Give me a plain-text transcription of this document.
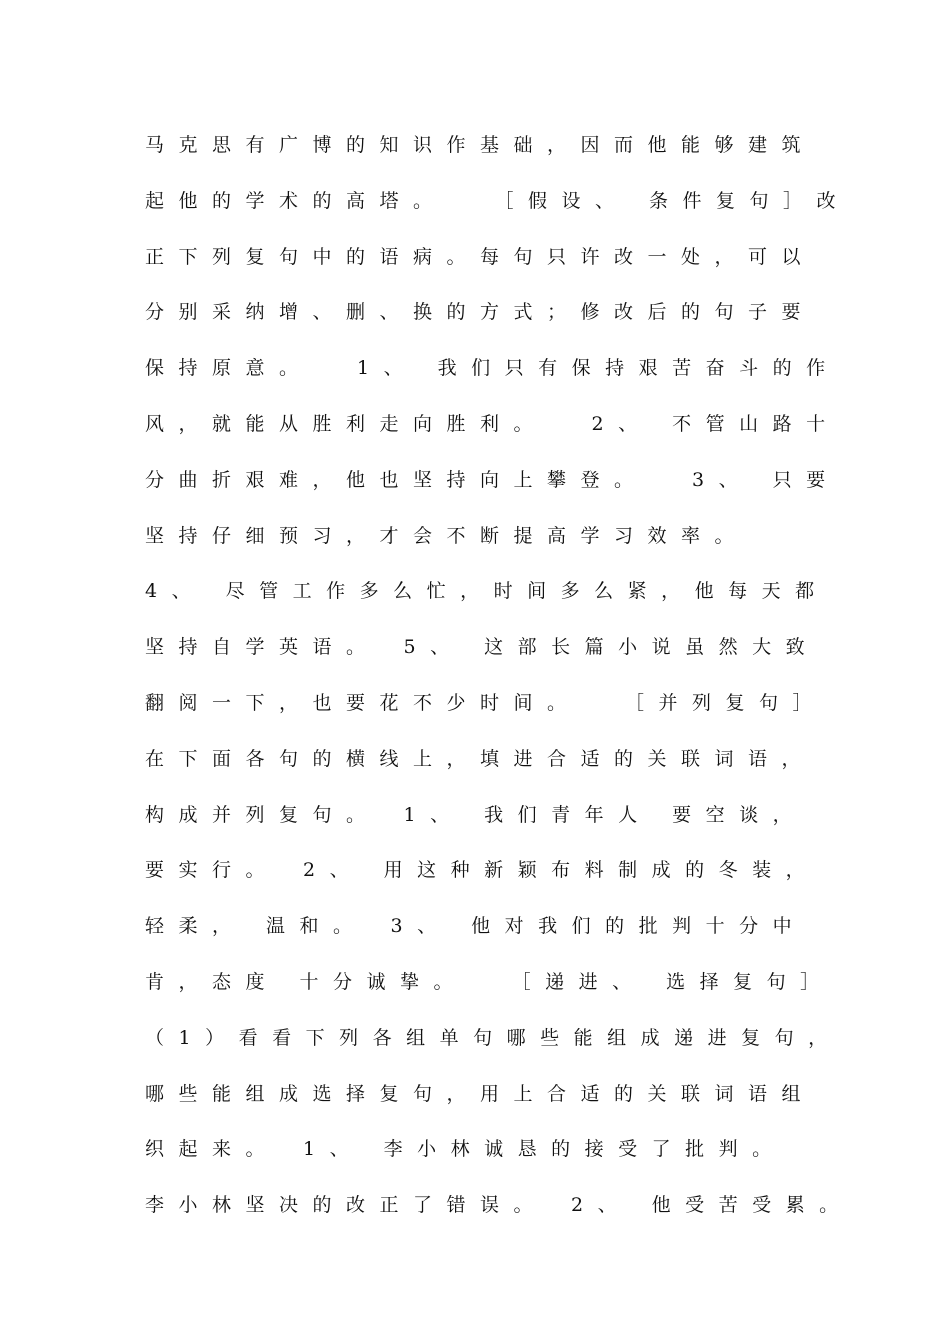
马克思有广博的知识作基础，因而他能够建筑
起他的学术的高塔。　　［假设、 条件复句］改
正下列复句中的语病。每句只许改一处，可以
分别采纳增、删、换的方式；修改后的句子要
保持原意。　 1、 我们只有保持艰苦奋斗的作
风，就能从胜利走向胜利。　 2、 不管山路十
分曲折艰难，他也坚持向上攀登。　 3、 只要
坚持仔细预习，才会不断提高学习效率。
4、 尽管工作多么忙，时间多么紧，他每天都
坚持自学英语。　5、 这部长篇小说虽然大致
翻阅一下，也要花不少时间。　 ［并列复句］
在下面各句的横线上，填进合适的关联词语，
构成并列复句。　1、 我们青年人 要空谈，
要实行。　2、 用这种新颖布料制成的冬装，
轻柔， 温和。　3、 他对我们的批判十分中
肯，态度 十分诚挚。　 ［递进、 选择复句］
（1）看看下列各组单句哪些能组成递进复句，
哪些能组成选择复句，用上合适的关联词语组
织起来。　1、 李小林诚恳的接受了批判。
李小林坚决的改正了错误。　2、 他受苦受累。
